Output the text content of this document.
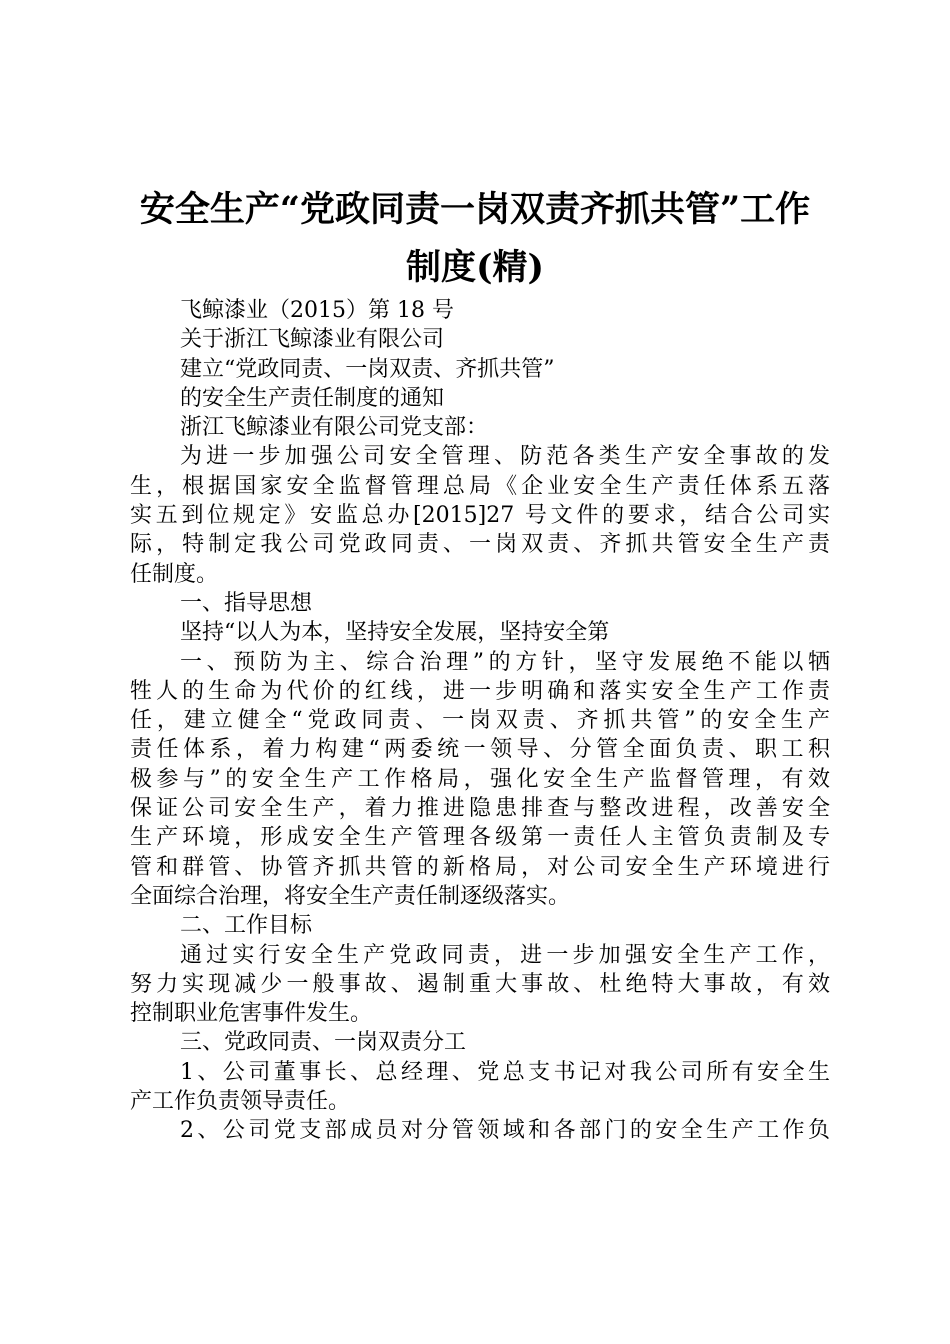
安全生产“党政同责一岗双责齐抓共管”工作
制度(精)
飞鲸漆业（2015）第 18 号
关于浙江飞鲸漆业有限公司
建立“党政同责、一岗双责、齐抓共管”
的安全生产责任制度的通知
浙江飞鲸漆业有限公司党支部：
为进一步加强公司安全管理、防范各类生产安全事故的发
生，根据国家安全监督管理总局《企业安全生产责任体系五落
实五到位规定》安监总办[2015]27 号文件的要求，结合公司实
际，特制定我公司党政同责、一岗双责、齐抓共管安全生产责
任制度。
一、指导思想
坚持“以人为本，坚持安全发展，坚持安全第
一、预防为主、综合治理”的方针，坚守发展绝不能以牺
牲人的生命为代价的红线，进一步明确和落实安全生产工作责
任，建立健全“党政同责、一岗双责、齐抓共管”的安全生产
责任体系，着力构建“两委统一领导、分管全面负责、职工积
极参与”的安全生产工作格局，强化安全生产监督管理，有效
保证公司安全生产，着力推进隐患排查与整改进程，改善安全
生产环境，形成安全生产管理各级第一责任人主管负责制及专
管和群管、协管齐抓共管的新格局，对公司安全生产环境进行
全面综合治理，将安全生产责任制逐级落实。
二、工作目标
通过实行安全生产党政同责，进一步加强安全生产工作，
努力实现减少一般事故、遏制重大事故、杜绝特大事故，有效
控制职业危害事件发生。
三、党政同责、一岗双责分工
1、公司董事长、总经理、党总支书记对我公司所有安全生
产工作负责领导责任。
2、公司党支部成员对分管领域和各部门的安全生产工作负
